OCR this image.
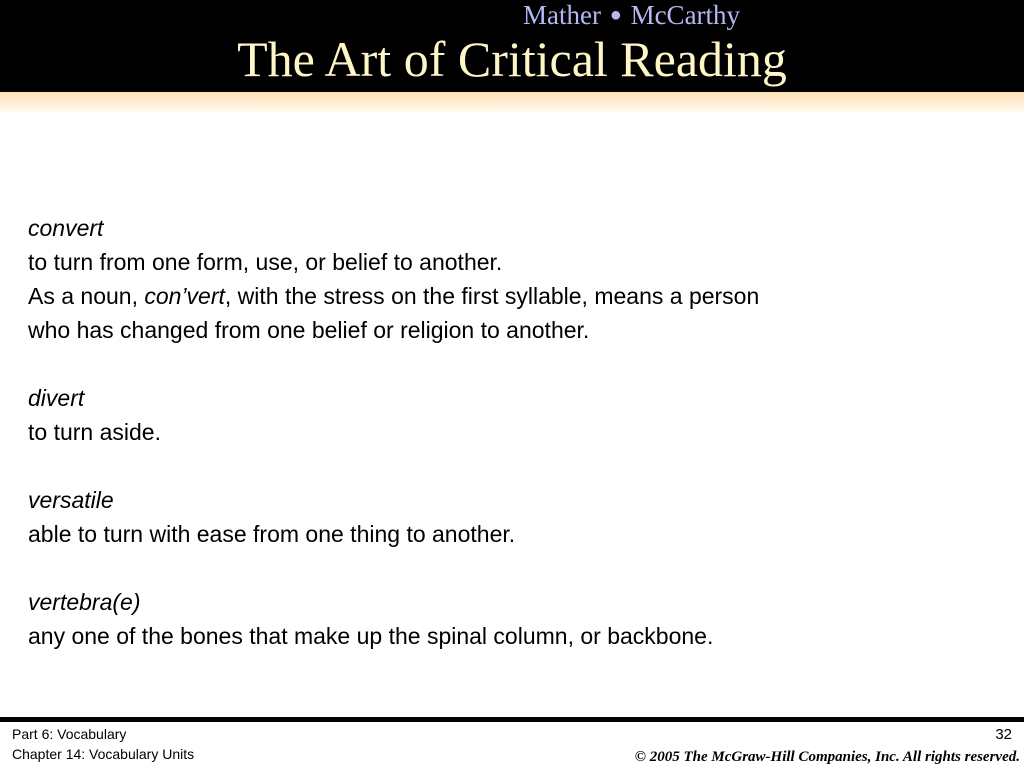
Mather ● McCarthy
The Art of Critical Reading
convert
to turn from one form, use, or belief to another.
As a noun, con’vert, with the stress on the first syllable, means a person
who has changed from one belief or religion to another.
divert
to turn aside.
versatile
able to turn with ease from one thing to another.
vertebra(e)
any one of the bones that make up the spinal column, or backbone.
Part 6: Vocabulary
Chapter 14: Vocabulary Units
32
© 2005 The McGraw-Hill Companies, Inc. All rights reserved.
